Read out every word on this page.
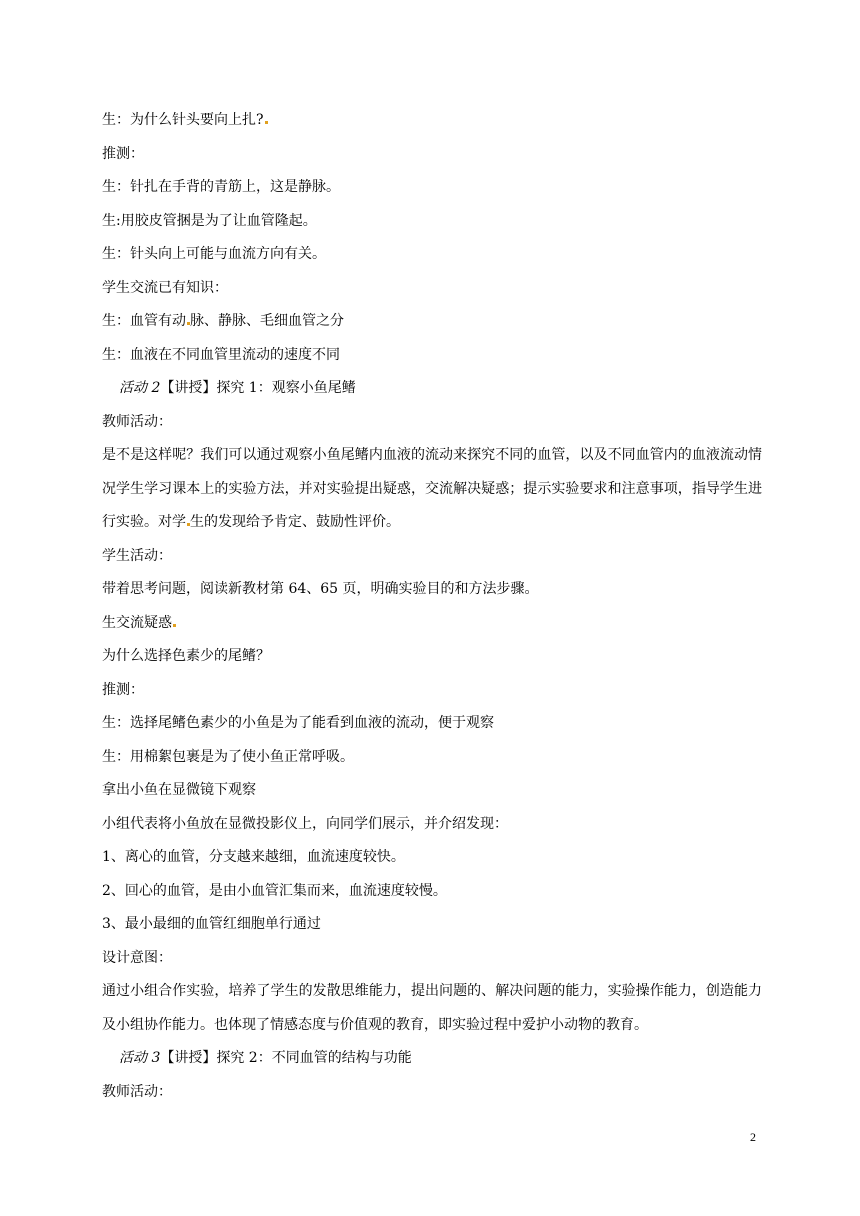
生：为什么针头要向上扎?
推测：
生：针扎在手背的青筋上，这是静脉。
生:用胶皮管捆是为了让血管隆起。
生：针头向上可能与血流方向有关。
学生交流已有知识：
生：血管有动 脉、静脉、毛细血管之分
生：血液在不同血管里流动的速度不同
活动 2【讲授】探究 1：观察小鱼尾鳍
教师活动：
是不是这样呢？我们可以通过观察小鱼尾鳍内血液的流动来探究不同的血管，以及不同血管内的血液流动情况学生学习课本上的实验方法，并对实验提出疑惑，交流解决疑惑；提示实验要求和注意事项，指导学生进行实验。对学 生的发现给予肯定、鼓励性评价。
学生活动：
带着思考问题，阅读新教材第 64、65 页，明确实验目的和方法步骤。
生交流疑惑
为什么选择色素少的尾鳍？
推测：
生：选择尾鳍色素少的小鱼是为了能看到血液的流动，便于观察
生：用棉絮包裹是为了使小鱼正常呼吸。
拿出小鱼在显微镜下观察
小组代表将小鱼放在显微投影仪上，向同学们展示，并介绍发现：
1、离心的血管，分支越来越细，血流速度较快。
2、回心的血管，是由小血管汇集而来，血流速度较慢。
3、最小最细的血管红细胞单行通过
设计意图：
通过小组合作实验，培养了学生的发散思维能力，提出问题的、解决问题的能力，实验操作能力，创造能力及小组协作能力。也体现了情感态度与价值观的教育，即实验过程中爱护小动物的教育。
活动 3【讲授】探究 2：不同血管的结构与功能
教师活动：
2
